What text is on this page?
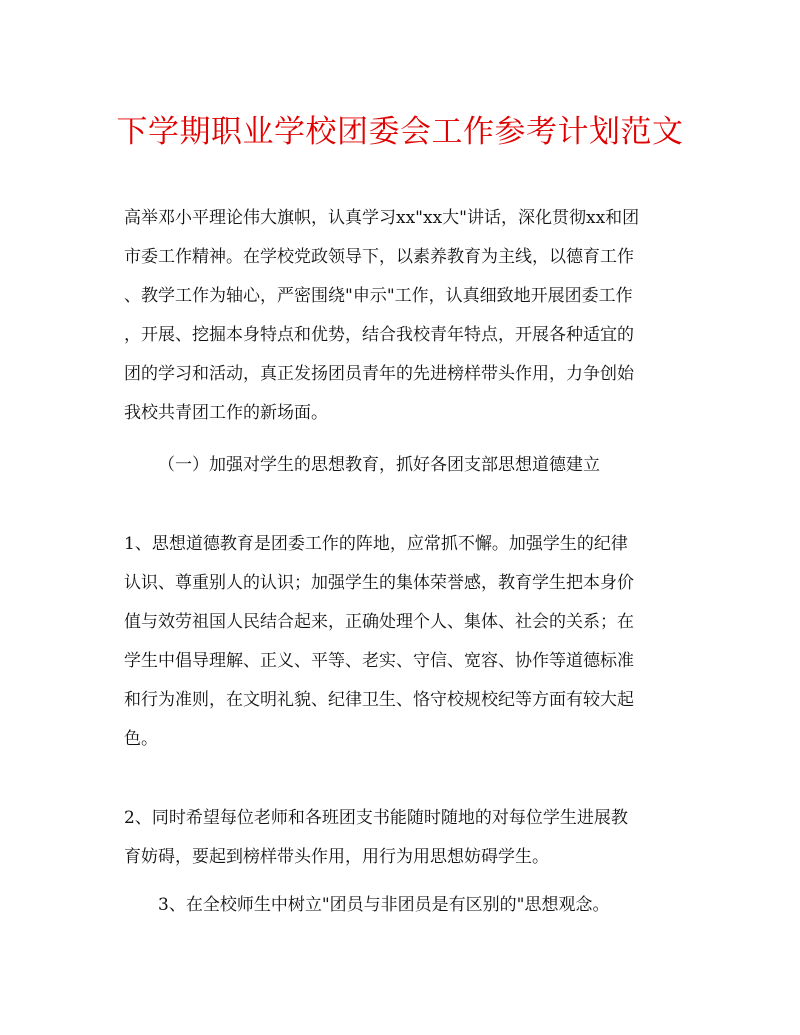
下学期职业学校团委会工作参考计划范文

高举邓小平理论伟大旗帜，认真学习xx"xx大"讲话，深化贯彻xx和团

市委工作精神。在学校党政领导下，以素养教育为主线，以德育工作

、教学工作为轴心，严密围绕"申示"工作，认真细致地开展团委工作

，开展、挖掘本身特点和优势，结合我校青年特点，开展各种适宜的

团的学习和活动，真正发扬团员青年的先进榜样带头作用，力争创始

我校共青团工作的新场面。

（一）加强对学生的思想教育，抓好各团支部思想道德建立

1、思想道德教育是团委工作的阵地，应常抓不懈。加强学生的纪律

认识、尊重别人的认识；加强学生的集体荣誉感，教育学生把本身价

值与效劳祖国人民结合起来，正确处理个人、集体、社会的关系；在

学生中倡导理解、正义、平等、老实、守信、宽容、协作等道德标准

和行为准则，在文明礼貌、纪律卫生、恪守校规校纪等方面有较大起

色。

2、同时希望每位老师和各班团支书能随时随地的对每位学生进展教

育妨碍，要起到榜样带头作用，用行为用思想妨碍学生。

3、在全校师生中树立"团员与非团员是有区别的"思想观念。
